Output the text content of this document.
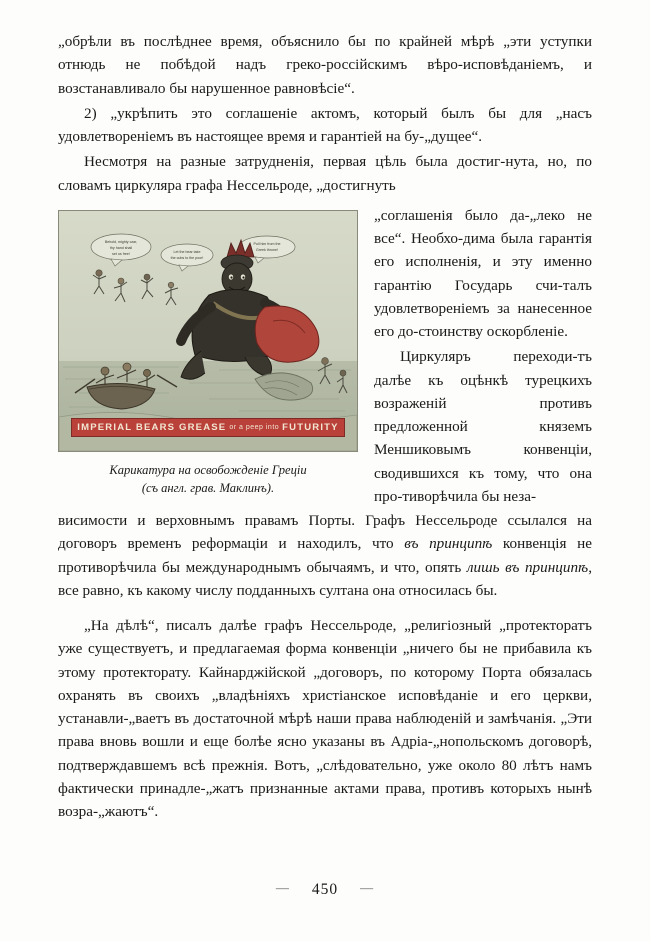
„обрѣли въ послѣднее время, объяснило бы по крайней мѣрѣ „эти уступки отнюдь не побѣдой надъ греко-россійскимъ вѣро-исповѣданіемъ, и возстанавливало бы нарушенное равновѣсіе“.

2) „укрѣпить это соглашеніе актомъ, который былъ бы для „насъ удовлетвореніемъ въ настоящее время и гарантіей на бу-„дущее“.

Несмотря на разные затрудненія, первая цѣль была достиг-нута, но, по словамъ циркуляра графа Нессельроде, „достигнуть

Behold, mighty czar,
thy hand shall
set us free!	Let the bear take
the cubs to the poor!
Pull him from the
Greek throne!
IMPERIAL BEARS GREASE or a peep into FUTURITY
Карикатура на освобожденіе Греціи
(съ англ. грав. Маклинъ).

„соглашенія было да-„леко не все“. Необхо-дима была гарантія его исполненія, и эту именно гарантію Государь счи-талъ удовлетвореніемъ за нанесенное его до-стоинству оскорбленіе.

Циркуляръ переходи-тъ далѣе къ оцѣнкѣ турецкихъ возраженій противъ предложенной княземъ Меншиковымъ конвенціи, сводившихся къ тому, что она про-тиворѣчила бы неза-

висимости и верховнымъ правамъ Порты. Графъ Нессельроде ссылался на договоръ временъ реформаціи и находилъ, что въ принципѣ конвенція не противорѣчила бы международнымъ обычаямъ, и что, опять лишь въ принципѣ, все равно, къ какому числу подданныхъ султана она относилась бы.

„На дѣлѣ“, писалъ далѣе графъ Нессельроде, „религіозный „протекторатъ уже существуетъ, и предлагаемая форма конвенціи „ничего бы не прибавила къ этому протекторату. Кайнарджійской „договоръ, по которому Порта обязалась охранять въ своихъ „владѣніяхъ христіанское исповѣданіе и его церкви, устанавли-„ваетъ въ достаточной мѣрѣ наши права наблюденій и замѣчанія. „Эти права вновь вошли и еще болѣе ясно указаны въ Адріа-„нопольскомъ договорѣ, подтверждавшемъ всѣ прежнія. Вотъ, „слѣдовательно, уже около 80 лѣтъ намъ фактически принадле-„жатъ признанные актами права, противъ которыхъ нынѣ возра-„жаютъ“.

— 450 —
